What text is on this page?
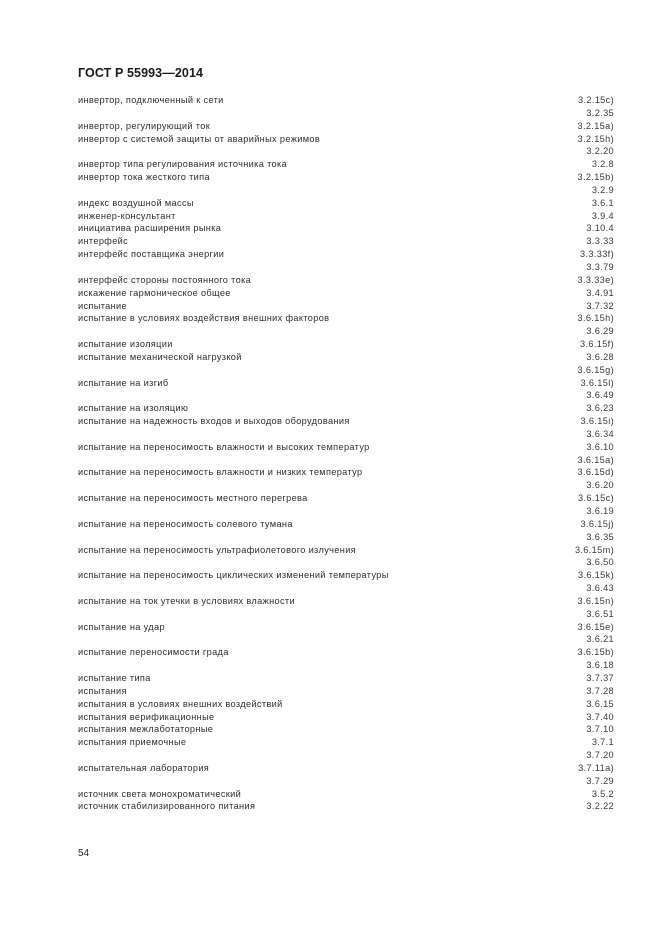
ГОСТ Р 55993—2014
инвертор, подключенный к сети	3.2.15c)
3.2.35
инвертор, регулирующий ток	3.2.15a)
инвертор с системой защиты от аварийных режимов	3.2.15h)
3.2.20
инвертор типа регулирования источника тока	3.2.8
инвертор тока жесткого типа	3.2.15b)
3.2.9
индекс воздушной массы	3.6.1
инженер-консультант	3.9.4
инициатива расширения рынка	3.10.4
интерфейс	3.3.33
интерфейс поставщика энергии	3.3.33f)
3.3.79
интерфейс стороны постоянного тока	3.3.33e)
искажение гармоническое общее	3.4.91
испытание	3.7.32
испытание в условиях воздействия внешних факторов	3.6.15h)
3.6.29
испытание изоляции	3.6.15f)
испытание механической нагрузкой	3.6.28
3.6.15g)
испытание на изгиб	3.6.15l)
3.6.49
испытание на изоляцию	3.6.23
испытание на надежность входов и выходов оборудования	3.6.15i)
3.6.34
испытание на переносимость влажности и высоких температур	3.6.10
3.6.15a)
испытание на переносимость влажности и низких температур	3.6.15d)
3.6.20
испытание на переносимость местного перегрева	3.6.15c)
3.6.19
испытание на переносимость солевого тумана	3.6.15j)
3.6.35
испытание на переносимость ультрафиолетового излучения	3.6.15m)
3.6.50
испытание на переносимость циклических изменений температуры	3.6.15k)
3.6.43
испытание на ток утечки в условиях влажности	3.6.15n)
3.6.51
испытание на удар	3.6.15e)
3.6.21
испытание переносимости града	3.6.15b)
3.6.18
испытание типа	3.7.37
испытания	3.7.28
испытания в условиях внешних воздействий	3.6.15
испытания верификационные	3.7.40
испытания межлаботаторные	3.7.10
испытания приемочные	3.7.1
3.7.20
испытательная лаборатория	3.7.11a)
3.7.29
источник света монохроматический	3.5.2
источник стабилизированного питания	3.2.22
54
